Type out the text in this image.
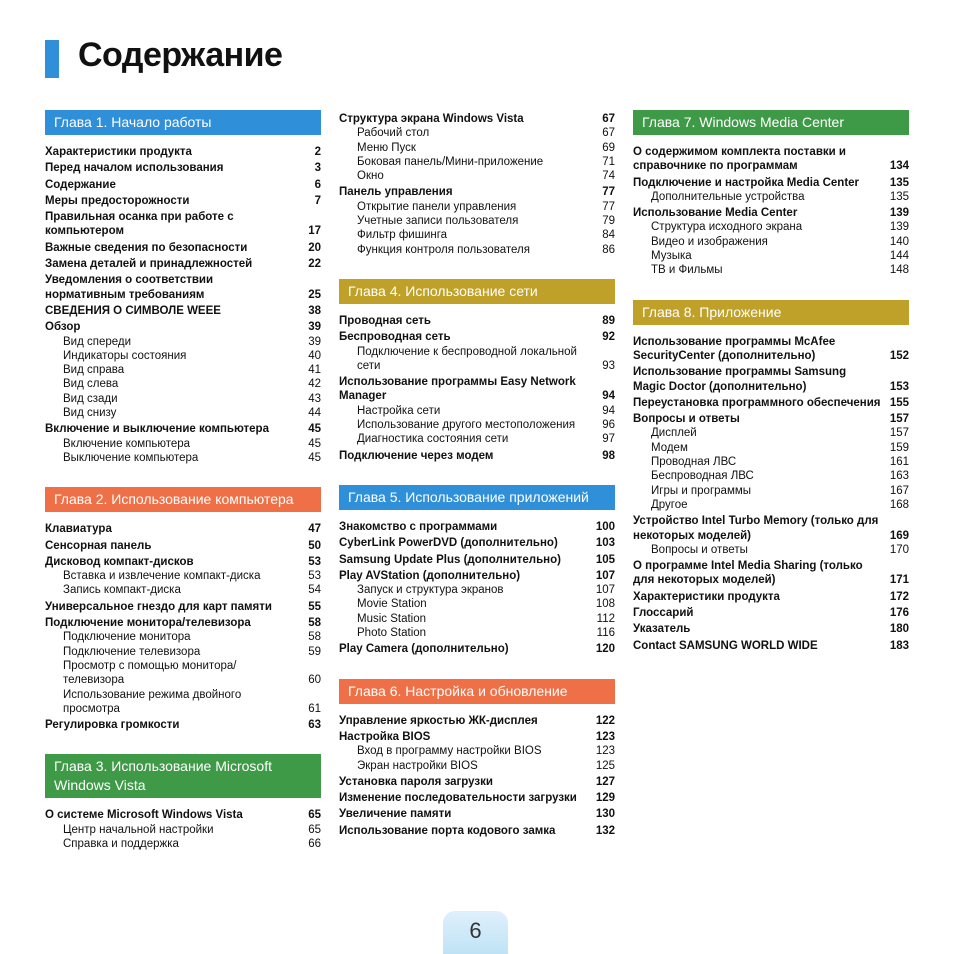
Содержание
Глава 1. Начало работы
Характеристики продукта	2
Перед началом использования	3
Содержание	6
Меры предосторожности	7
Правильная осанка при работе с компьютером	17
Важные сведения по безопасности	20
Замена деталей и принадлежностей	22
Уведомления о соответствии нормативным требованиям	25
СВЕДЕНИЯ О СИМВОЛЕ WEEE	38
Обзор	39
Вид спереди	39
Индикаторы состояния	40
Вид справа	41
Вид слева	42
Вид сзади	43
Вид снизу	44
Включение и выключение компьютера	45
Включение компьютера	45
Выключение компьютера	45
Глава 2. Использование компьютера
Клавиатура	47
Сенсорная панель	50
Дисковод компакт-дисков	53
Вставка и извлечение компакт-диска	53
Запись компакт-диска	54
Универсальное гнездо для карт памяти	55
Подключение монитора/телевизора	58
Подключение монитора	58
Подключение телевизора	59
Просмотр с помощью монитора/ телевизора	60
Использование режима двойного просмотра	61
Регулировка громкости	63
Глава 3. Использование Microsoft Windows Vista
О системе Microsoft Windows Vista	65
Центр начальной настройки	65
Справка и поддержка	66
Структура экрана Windows Vista	67
Рабочий стол	67
Меню Пуск	69
Боковая панель/Мини-приложение	71
Окно	74
Панель управления	77
Открытие панели управления	77
Учетные записи пользователя	79
Фильтр фишинга	84
Функция контроля пользователя	86
Глава 4. Использование сети
Проводная сеть	89
Беспроводная сеть	92
Подключение к беспроводной локальной сети	93
Использование программы Easy Network Manager	94
Настройка сети	94
Использование другого местоположения	96
Диагностика состояния сети	97
Подключение через модем	98
Глава 5. Использование приложений
Знакомство с программами	100
CyberLink PowerDVD (дополнительно)	103
Samsung Update Plus (дополнительно)	105
Play AVStation (дополнительно)	107
Запуск и структура экранов	107
Movie Station	108
Music Station	112
Photo Station	116
Play Camera (дополнительно)	120
Глава 6. Настройка и обновление
Управление яркостью ЖК-дисплея	122
Настройка BIOS	123
Вход в программу настройки BIOS	123
Экран настройки BIOS	125
Установка пароля загрузки	127
Изменение последовательности загрузки	129
Увеличение памяти	130
Использование порта кодового замка	132
Глава 7. Windows Media Center
О содержимом комплекта поставки и справочнике по программам	134
Подключение и настройка Media Center	135
Дополнительные устройства	135
Использование Media Center	139
Структура исходного экрана	139
Видео и изображения	140
Музыка	144
ТВ и Фильмы	148
Глава 8. Приложение
Использование программы McAfee SecurityCenter (дополнительно)	152
Использование программы Samsung Magic Doctor (дополнительно)	153
Переустановка программного обеспечения 155
Вопросы и ответы	157
Дисплей	157
Модем	159
Проводная ЛВС	161
Беспроводная ЛВС	163
Игры и программы	167
Другое	168
Устройство Intel Turbo Memory (только для некоторых моделей)	169
Вопросы и ответы	170
О программе Intel Media Sharing (только для некоторых моделей)	171
Характеристики продукта	172
Глоссарий	176
Указатель	180
Contact SAMSUNG WORLD WIDE	183
6
